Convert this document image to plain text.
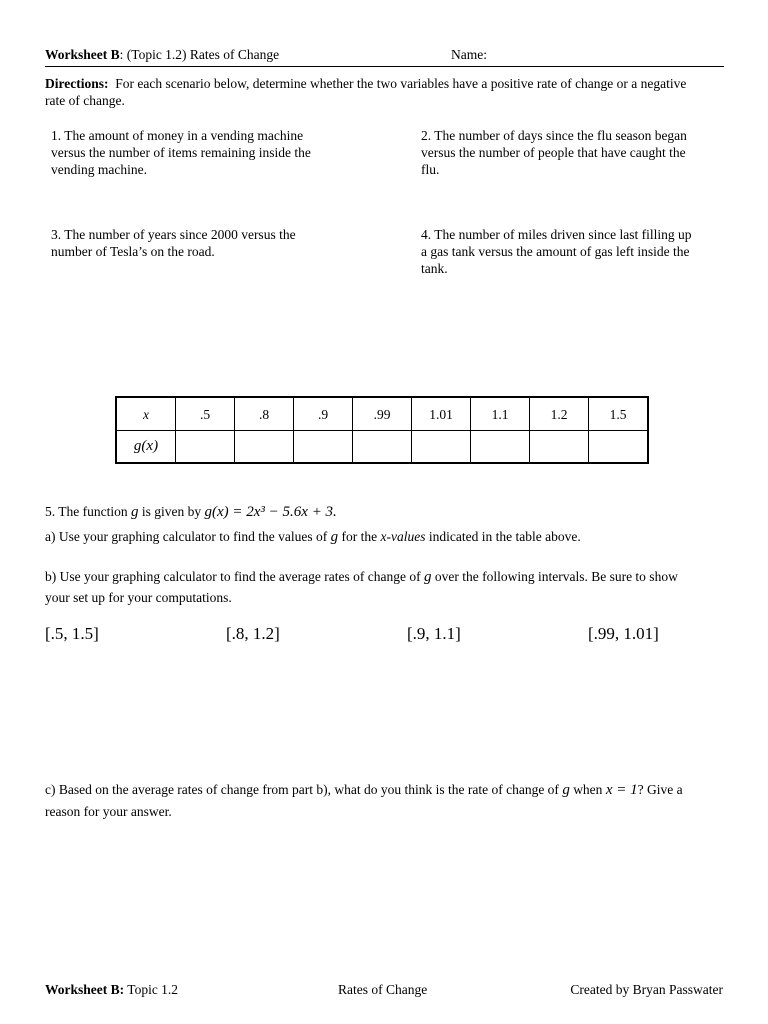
Worksheet B: (Topic 1.2) Rates of Change	Name:
Directions: For each scenario below, determine whether the two variables have a positive rate of change or a negative
rate of change.
1. The amount of money in a vending machine
versus the number of items remaining inside the
vending machine.
2. The number of days since the flu season began
versus the number of people that have caught the
flu.
3. The number of years since 2000 versus the
number of Tesla’s on the road.
4. The number of miles driven since last filling up
a gas tank versus the amount of gas left inside the
tank.
x	.5	.8	.9	.99	1.01	1.1	1.2	1.5
g(x)								
5. The function g is given by g(x) = 2x³ − 5.6x + 3.
a) Use your graphing calculator to find the values of g for the x-values indicated in the table above.
b) Use your graphing calculator to find the average rates of change of g over the following intervals. Be sure to show
your set up for your computations.
[.5, 1.5]	[.8, 1.2]	[.9, 1.1]	[.99, 1.01]
c) Based on the average rates of change from part b), what do you think is the rate of change of g when x = 1? Give a
reason for your answer.
Worksheet B: Topic 1.2	Rates of Change	Created by Bryan Passwater
